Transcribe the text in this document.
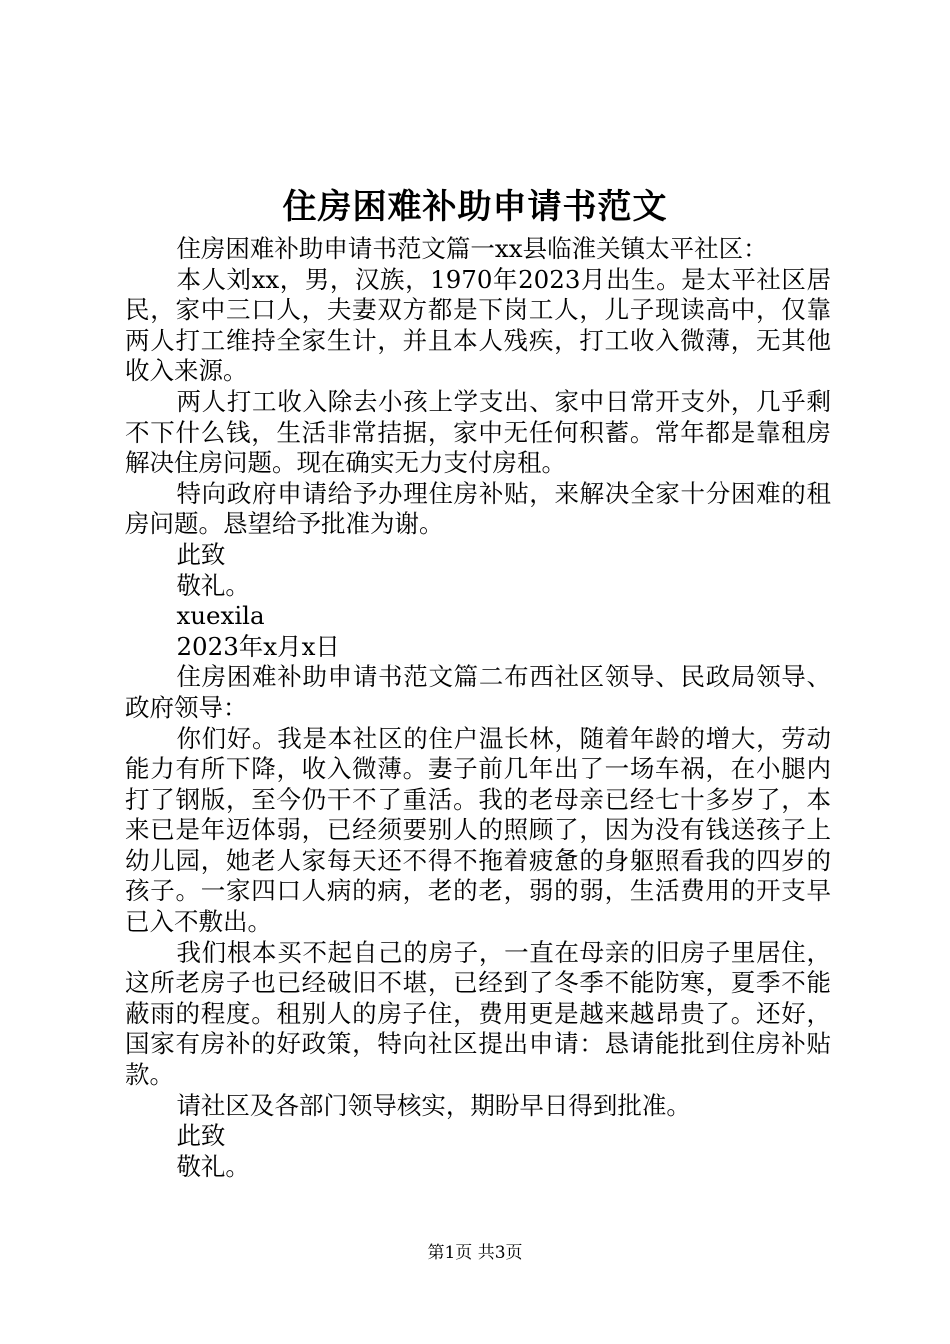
住房困难补助申请书范文

住房困难补助申请书范文篇一xx县临淮关镇太平社区：

本人刘xx，男，汉族，1970年2023月出生。是太平社区居民，家中三口人，夫妻双方都是下岗工人，儿子现读高中，仅靠两人打工维持全家生计，并且本人残疾，打工收入微薄，无其他收入来源。

两人打工收入除去小孩上学支出、家中日常开支外，几乎剩不下什么钱，生活非常拮据，家中无任何积蓄。常年都是靠租房解决住房问题。现在确实无力支付房租。

特向政府申请给予办理住房补贴，来解决全家十分困难的租房问题。恳望给予批准为谢。

此致

敬礼。

xuexila

2023年x月x日

住房困难补助申请书范文篇二布西社区领导、民政局领导、政府领导：

你们好。我是本社区的住户温长林，随着年龄的增大，劳动能力有所下降，收入微薄。妻子前几年出了一场车祸，在小腿内打了钢版，至今仍干不了重活。我的老母亲已经七十多岁了，本来已是年迈体弱，已经须要别人的照顾了，因为没有钱送孩子上幼儿园，她老人家每天还不得不拖着疲惫的身躯照看我的四岁的孩子。一家四口人病的病，老的老，弱的弱，生活费用的开支早已入不敷出。

我们根本买不起自己的房子，一直在母亲的旧房子里居住，这所老房子也已经破旧不堪，已经到了冬季不能防寒，夏季不能蔽雨的程度。租别人的房子住，费用更是越来越昂贵了。还好，国家有房补的好政策，特向社区提出申请：恳请能批到住房补贴款。

请社区及各部门领导核实，期盼早日得到批准。

此致

敬礼。

第1页 共3页
